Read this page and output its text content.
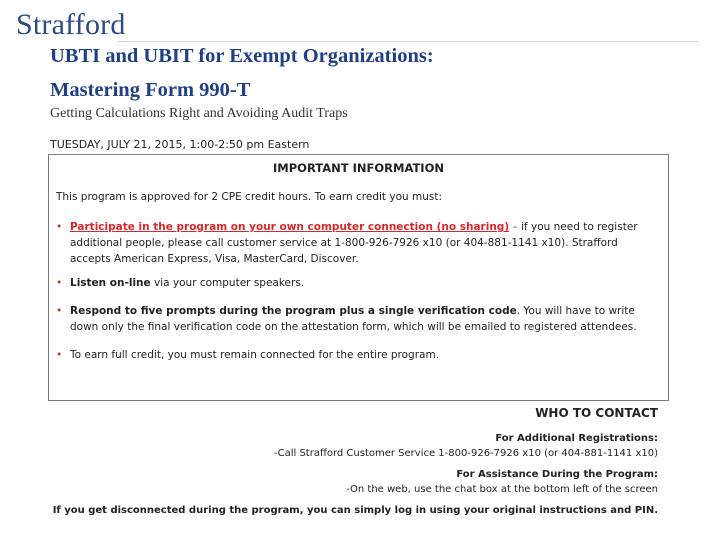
Strafford
UBTI and UBIT for Exempt Organizations:
Mastering Form 990-T
Getting Calculations Right and Avoiding Audit Traps
TUESDAY, JULY 21, 2015, 1:00-2:50 pm Eastern
IMPORTANT INFORMATION
This program is approved for 2 CPE credit hours. To earn credit you must:
• Participate in the program on your own computer connection (no sharing) – if you need to register additional people, please call customer service at 1-800-926-7926 x10 (or 404-881-1141 x10). Strafford accepts American Express, Visa, MasterCard, Discover.
• Listen on-line via your computer speakers.
• Respond to five prompts during the program plus a single verification code. You will have to write down only the final verification code on the attestation form, which will be emailed to registered attendees.
• To earn full credit, you must remain connected for the entire program.
WHO TO CONTACT
For Additional Registrations:
-Call Strafford Customer Service 1-800-926-7926 x10 (or 404-881-1141 x10)
For Assistance During the Program:
-On the web, use the chat box at the bottom left of the screen
If you get disconnected during the program, you can simply log in using your original instructions and PIN.
